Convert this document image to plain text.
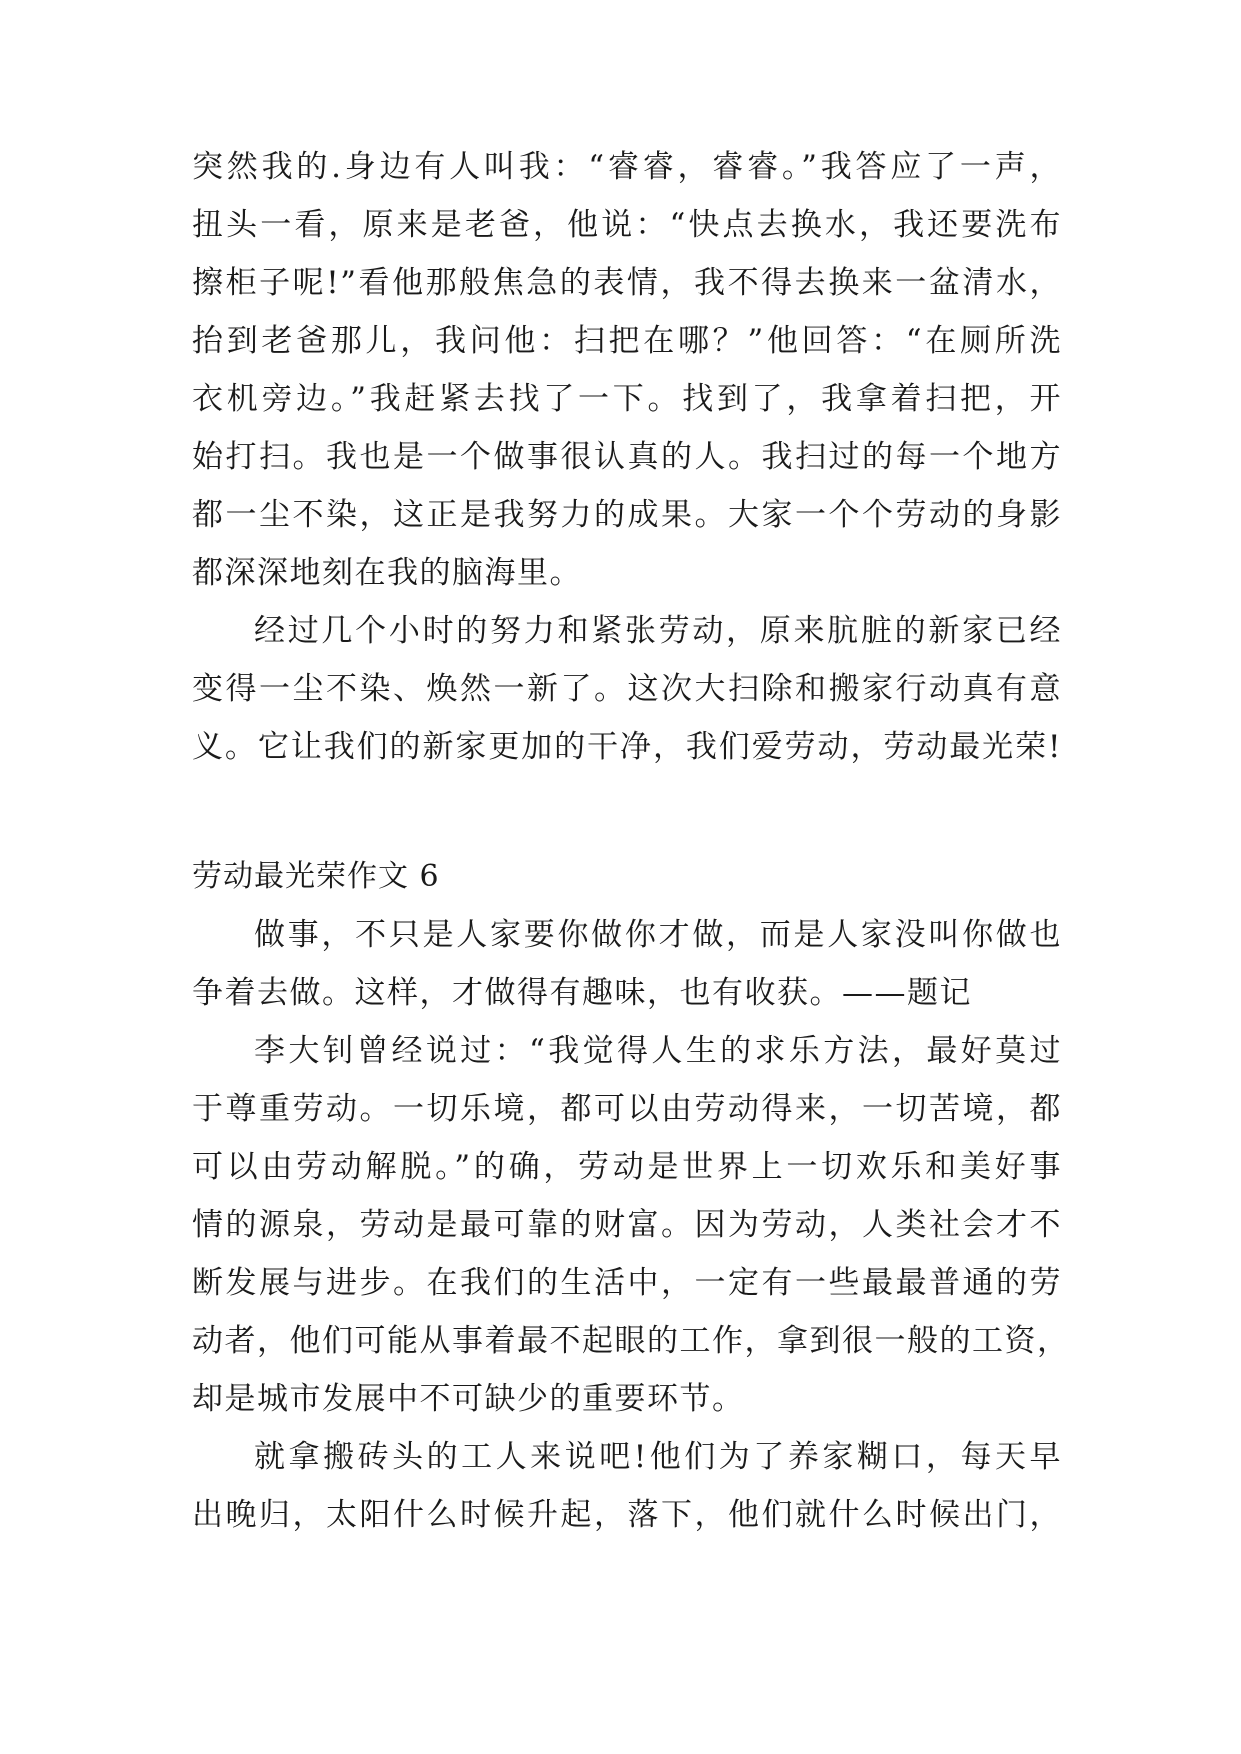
突然我的.身边有人叫我：“睿睿，睿睿。”我答应了一声，
扭头一看，原来是老爸，他说：“快点去换水，我还要洗布
擦柜子呢!”看他那般焦急的表情，我不得去换来一盆清水，
抬到老爸那儿，我问他：扫把在哪？”他回答：“在厕所洗
衣机旁边。”我赶紧去找了一下。找到了，我拿着扫把，开
始打扫。我也是一个做事很认真的人。我扫过的每一个地方
都一尘不染，这正是我努力的成果。大家一个个劳动的身影
都深深地刻在我的脑海里。
经过几个小时的努力和紧张劳动，原来肮脏的新家已经
变得一尘不染、焕然一新了。这次大扫除和搬家行动真有意
义。它让我们的新家更加的干净，我们爱劳动，劳动最光荣!
劳动最光荣作文 6
做事，不只是人家要你做你才做，而是人家没叫你做也
争着去做。这样，才做得有趣味，也有收获。——题记
李大钊曾经说过：“我觉得人生的求乐方法，最好莫过
于尊重劳动。一切乐境，都可以由劳动得来，一切苦境，都
可以由劳动解脱。”的确，劳动是世界上一切欢乐和美好事
情的源泉，劳动是最可靠的财富。因为劳动，人类社会才不
断发展与进步。在我们的生活中，一定有一些最最普通的劳
动者，他们可能从事着最不起眼的工作，拿到很一般的工资，
却是城市发展中不可缺少的重要环节。
就拿搬砖头的工人来说吧!他们为了养家糊口，每天早
出晚归，太阳什么时候升起，落下，他们就什么时候出门，
